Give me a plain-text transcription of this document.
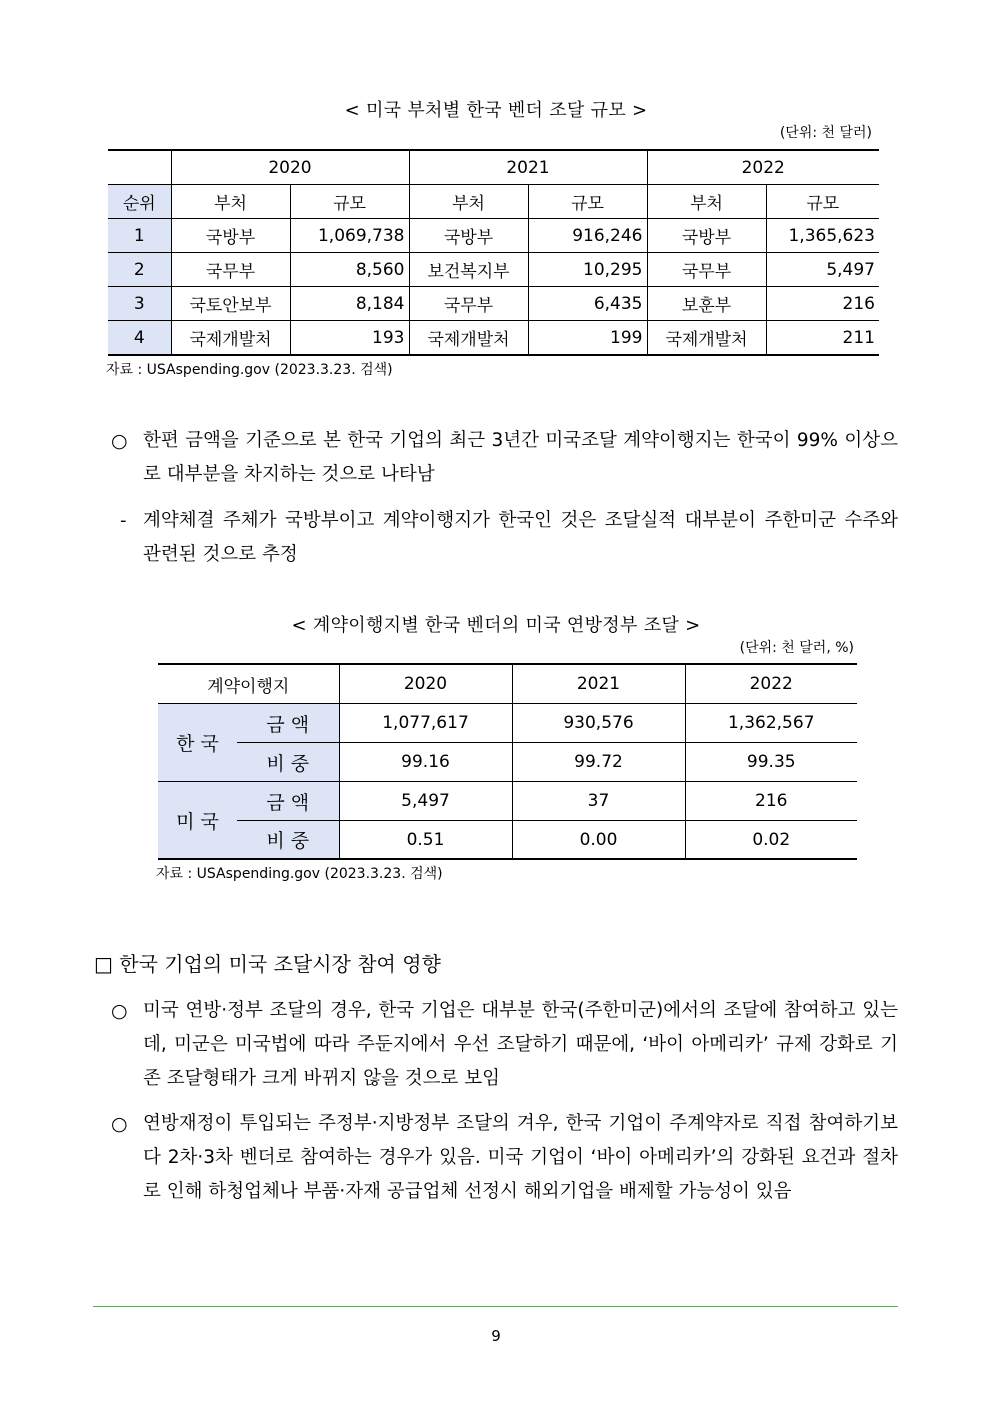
< 미국 부처별 한국 벤더 조달 규모 >
(단위: 천 달러)
	2020		2021		2022	
순위	부처	규모	부처	규모	부처	규모
1	국방부	1,069,738	국방부	916,246	국방부	1,365,623
2	국무부	8,560	보건복지부	10,295	국무부	5,497
3	국토안보부	8,184	국무부	6,435	보훈부	216
4	국제개발처	193	국제개발처	199	국제개발처	211
자료 : USAspending.gov (2023.3.23. 검색)
○ 한편 금액을 기준으로 본 한국 기업의 최근 3년간 미국조달 계약이행지는 한국이 99% 이상으로 대부분을 차지하는 것으로 나타남
- 계약체결 주체가 국방부이고 계약이행지가 한국인 것은 조달실적 대부분이 주한미군 수주와 관련된 것으로 추정
< 계약이행지별 한국 벤더의 미국 연방정부 조달 >
(단위: 천 달러, %)
계약이행지		2020	2021	2022
한 국	금 액	1,077,617	930,576	1,362,567
	비 중	99.16	99.72	99.35
미 국	금 액	5,497	37	216
	비 중	0.51	0.00	0.02
자료 : USAspending.gov (2023.3.23. 검색)
□ 한국 기업의 미국 조달시장 참여 영향
○ 미국 연방·정부 조달의 경우, 한국 기업은 대부분 한국(주한미군)에서의 조달에 참여하고 있는데, 미군은 미국법에 따라 주둔지에서 우선 조달하기 때문에, ‘바이 아메리카’ 규제 강화로 기존 조달형태가 크게 바뀌지 않을 것으로 보임
○ 연방재정이 투입되는 주정부·지방정부 조달의 겨우, 한국 기업이 주계약자로 직접 참여하기보다 2차·3차 벤더로 참여하는 경우가 있음. 미국 기업이 ‘바이 아메리카’의 강화된 요건과 절차로 인해 하청업체나 부품·자재 공급업체 선정시 해외기업을 배제할 가능성이 있음
9
